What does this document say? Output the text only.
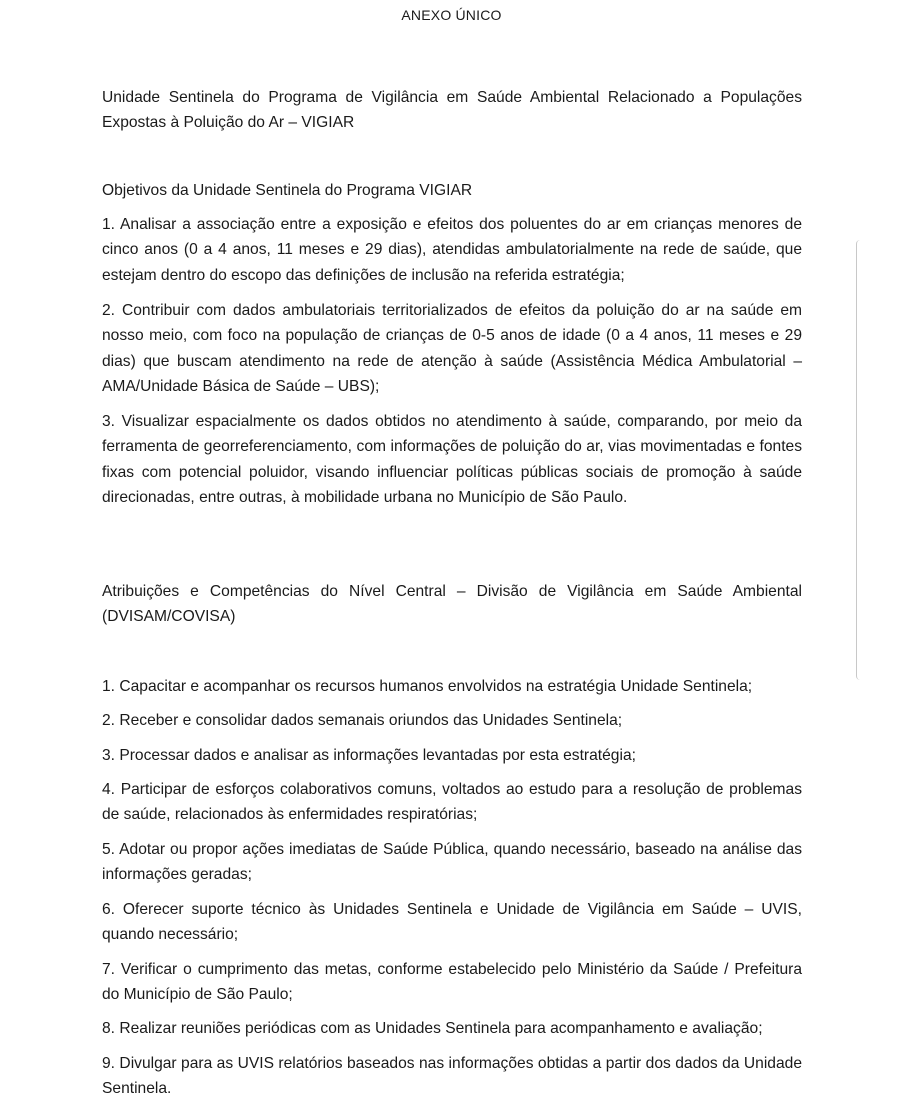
ANEXO ÚNICO

Unidade Sentinela do Programa de Vigilância em Saúde Ambiental Relacionado a Populações Expostas à Poluição do Ar – VIGIAR

Objetivos da Unidade Sentinela do Programa VIGIAR

1. Analisar a associação entre a exposição e efeitos dos poluentes do ar em crianças menores de cinco anos (0 a 4 anos, 11 meses e 29 dias), atendidas ambulatorialmente na rede de saúde, que estejam dentro do escopo das definições de inclusão na referida estratégia;

2. Contribuir com dados ambulatoriais territorializados de efeitos da poluição do ar na saúde em nosso meio, com foco na população de crianças de 0-5 anos de idade (0 a 4 anos, 11 meses e 29 dias) que buscam atendimento na rede de atenção à saúde (Assistência Médica Ambulatorial – AMA/Unidade Básica de Saúde – UBS);

3. Visualizar espacialmente os dados obtidos no atendimento à saúde, comparando, por meio da ferramenta de georreferenciamento, com informações de poluição do ar, vias movimentadas e fontes fixas com potencial poluidor, visando influenciar políticas públicas sociais de promoção à saúde direcionadas, entre outras, à mobilidade urbana no Município de São Paulo.

Atribuições e Competências do Nível Central – Divisão de Vigilância em Saúde Ambiental (DVISAM/COVISA)

1. Capacitar e acompanhar os recursos humanos envolvidos na estratégia Unidade Sentinela;

2. Receber e consolidar dados semanais oriundos das Unidades Sentinela;

3. Processar dados e analisar as informações levantadas por esta estratégia;

4. Participar de esforços colaborativos comuns, voltados ao estudo para a resolução de problemas de saúde, relacionados às enfermidades respiratórias;

5. Adotar ou propor ações imediatas de Saúde Pública, quando necessário, baseado na análise das informações geradas;

6. Oferecer suporte técnico às Unidades Sentinela e Unidade de Vigilância em Saúde – UVIS, quando necessário;

7. Verificar o cumprimento das metas, conforme estabelecido pelo Ministério da Saúde / Prefeitura do Município de São Paulo;

8. Realizar reuniões periódicas com as Unidades Sentinela para acompanhamento e avaliação;

9. Divulgar para as UVIS relatórios baseados nas informações obtidas a partir dos dados da Unidade Sentinela.
